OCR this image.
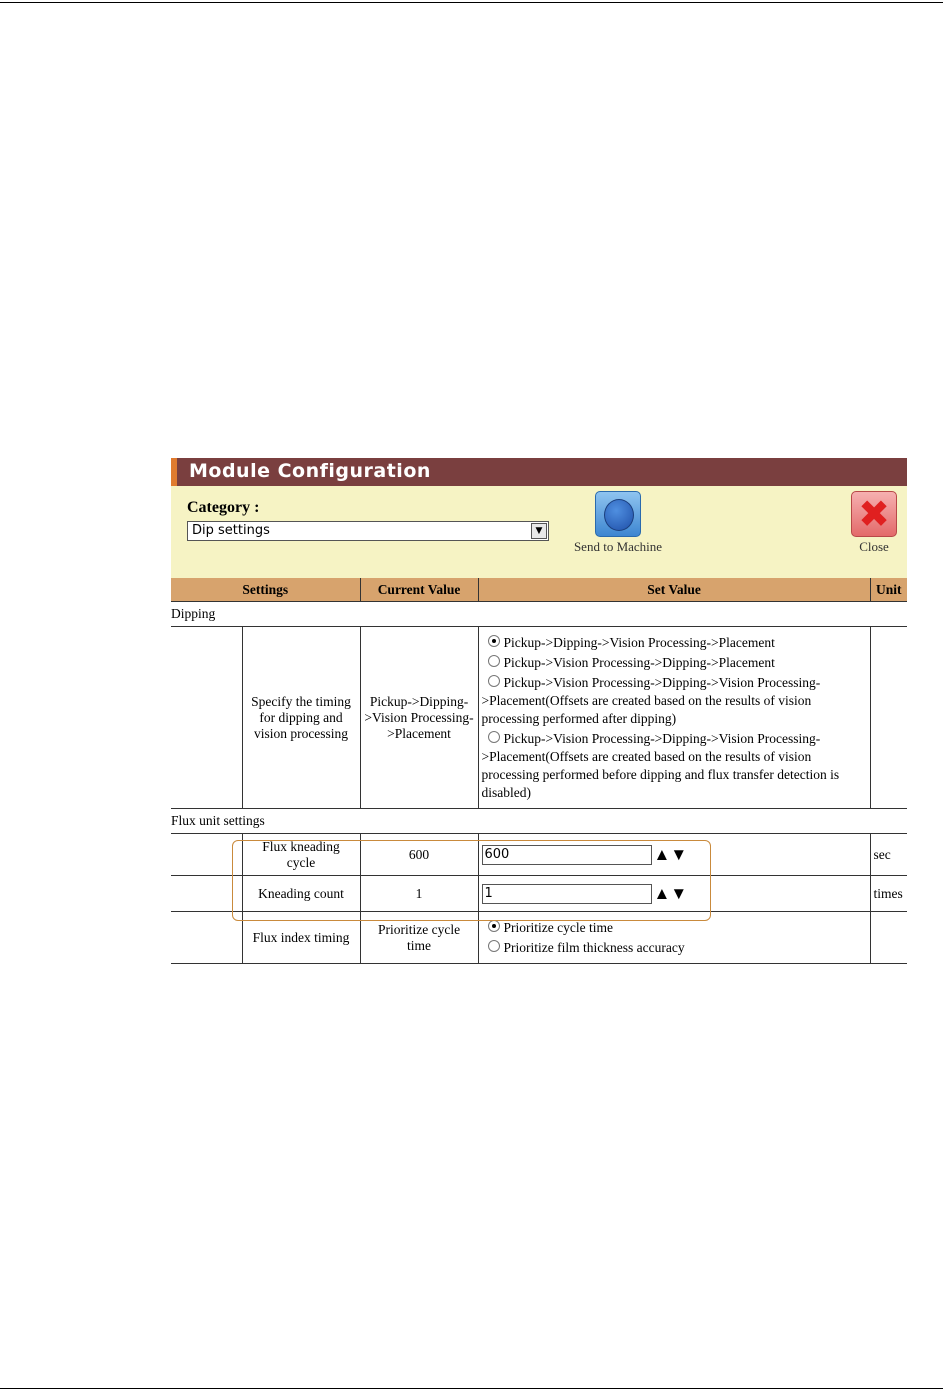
Module Configuration
Category :
Dip settings	▼
Send to Machine
✖
Close
Settings		Current Value	Set Value	Unit
Dipping				
	Specify the timing for dipping and vision processing	Pickup->Dipping->Vision Processing->Placement	Pickup->Dipping->Vision Processing->Placement
Pickup->Vision Processing->Dipping->Placement
Pickup->Vision Processing->Dipping->Vision Processing->Placement(Offsets are created based on the results of vision processing performed after dipping)
Pickup->Vision Processing->Dipping->Vision Processing->Placement(Offsets are created based on the results of vision processing performed before dipping and flux transfer detection is disabled)	

Flux unit settings				
	Flux kneading cycle	600	600 ▲▼	sec
	Kneading count	1	1 ▲▼	times
	Flux index timing	Prioritize cycle time	Prioritize cycle time
Prioritize film thickness accuracy	
